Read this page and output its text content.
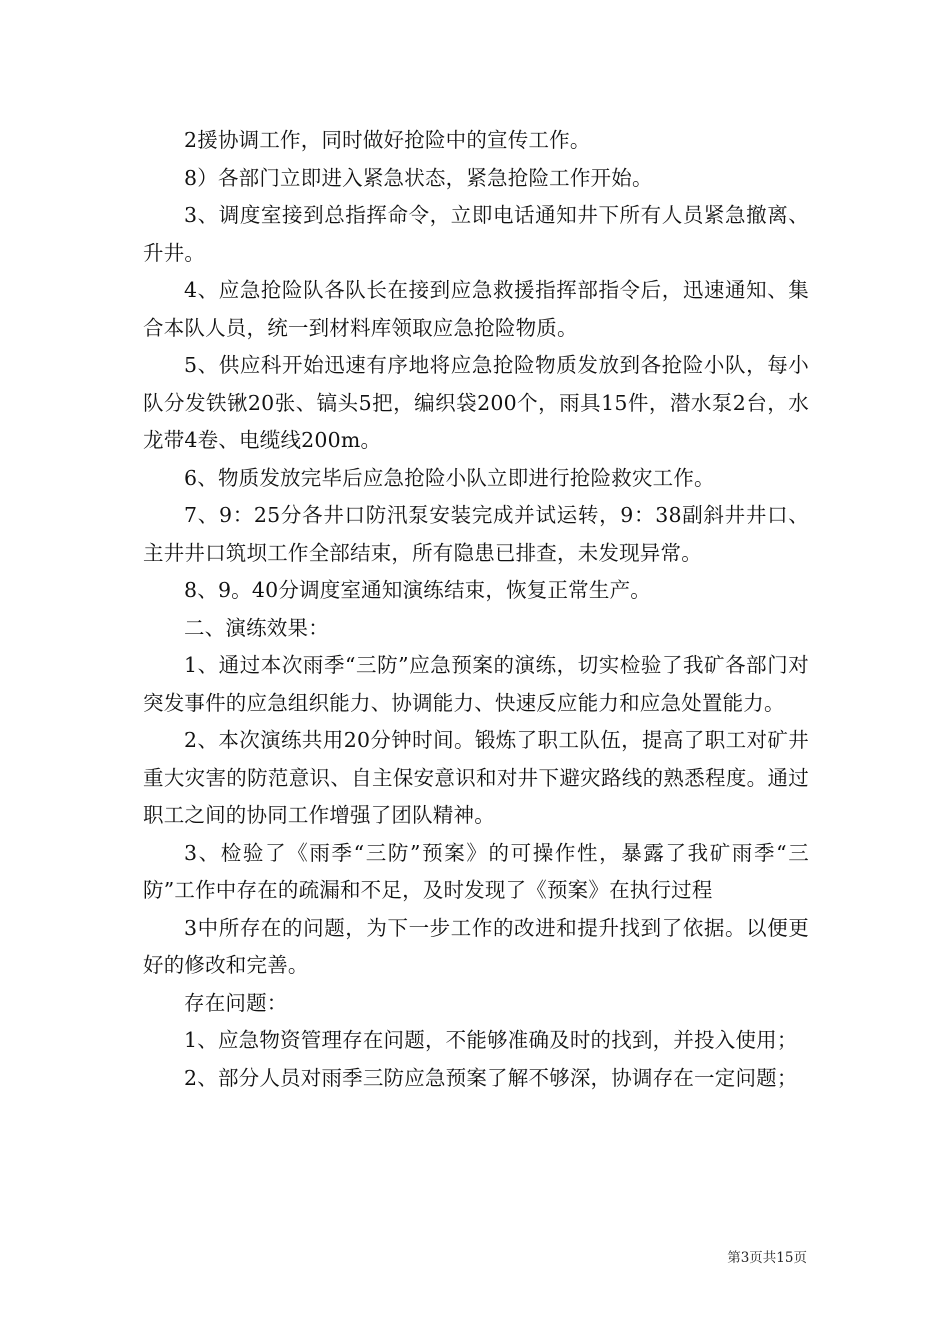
2援协调工作，同时做好抢险中的宣传工作。

8）各部门立即进入紧急状态，紧急抢险工作开始。

3、调度室接到总指挥命令，立即电话通知井下所有人员紧急撤离、升井。

4、应急抢险队各队长在接到应急救援指挥部指令后，迅速通知、集合本队人员，统一到材料库领取应急抢险物质。

5、供应科开始迅速有序地将应急抢险物质发放到各抢险小队，每小队分发铁锹20张、镐头5把，编织袋200个，雨具15件，潜水泵2台，水龙带4卷、电缆线200m。

6、物质发放完毕后应急抢险小队立即进行抢险救灾工作。

7、9：25分各井口防汛泵安装完成并试运转，9：38副斜井井口、主井井口筑坝工作全部结束，所有隐患已排查，未发现异常。

8、9。40分调度室通知演练结束，恢复正常生产。

二、演练效果：

1、通过本次雨季“三防”应急预案的演练，切实检验了我矿各部门对突发事件的应急组织能力、协调能力、快速反应能力和应急处置能力。

2、本次演练共用20分钟时间。锻炼了职工队伍，提高了职工对矿井重大灾害的防范意识、自主保安意识和对井下避灾路线的熟悉程度。通过职工之间的协同工作增强了团队精神。

3、检验了《雨季“三防”预案》的可操作性，暴露了我矿雨季“三防”工作中存在的疏漏和不足，及时发现了《预案》在执行过程

3中所存在的问题，为下一步工作的改进和提升找到了依据。以便更好的修改和完善。

存在问题：

1、应急物资管理存在问题，不能够准确及时的找到，并投入使用；

2、部分人员对雨季三防应急预案了解不够深，协调存在一定问题；

第3页共15页
